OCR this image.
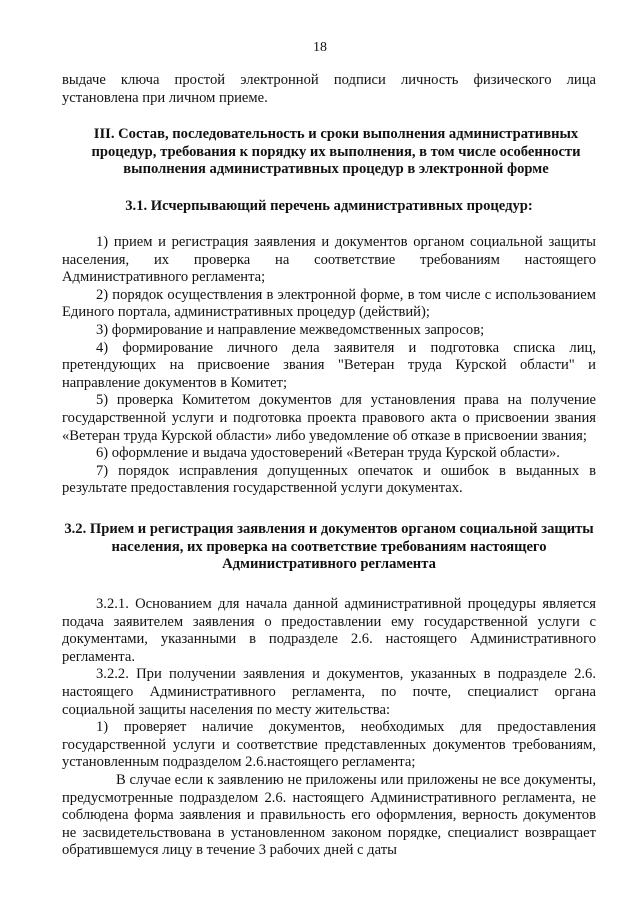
18

выдаче ключа простой электронной подписи личность физического лица установлена при личном приеме.

III. Состав, последовательность и сроки выполнения административных процедур, требования к порядку их выполнения, в том числе особенности выполнения административных процедур в электронной форме
3.1. Исчерпывающий перечень административных процедур:

1) прием и регистрация заявления и документов органом социальной защиты населения, их проверка на соответствие требованиям настоящего Административного регламента;

2) порядок осуществления в электронной форме, в том числе с использованием Единого портала, административных процедур (действий);

3) формирование и направление межведомственных запросов;

4) формирование личного дела заявителя и подготовка списка лиц, претендующих на присвоение звания "Ветеран труда Курской области" и направление документов в Комитет;

5) проверка Комитетом документов для установления права на получение государственной услуги и подготовка проекта правового акта о присвоении звания «Ветеран труда Курской области» либо уведомление об отказе в присвоении звания;

6) оформление и выдача удостоверений «Ветеран труда Курской области».

7) порядок исправления допущенных опечаток и ошибок в выданных в результате предоставления государственной услуги документах.

3.2. Прием и регистрация заявления и документов органом социальной защиты населения, их проверка на соответствие требованиям настоящего Административного регламента

3.2.1. Основанием для начала данной административной процедуры является подача заявителем заявления о предоставлении ему государственной услуги с документами, указанными в подразделе 2.6. настоящего Административного регламента.

3.2.2. При получении заявления и документов, указанных в подразделе 2.6. настоящего Административного регламента, по почте, специалист органа социальной защиты населения по месту жительства:

1) проверяет наличие документов, необходимых для предоставления государственной услуги и соответствие представленных документов требованиям, установленным подразделом 2.6.настоящего регламента;

В случае если к заявлению не приложены или приложены не все документы, предусмотренные подразделом 2.6. настоящего Административного регламента, не соблюдена форма заявления и правильность его оформления, верность документов не засвидетельствована в установленном законом порядке, специалист возвращает обратившемуся лицу в течение 3 рабочих дней с даты
